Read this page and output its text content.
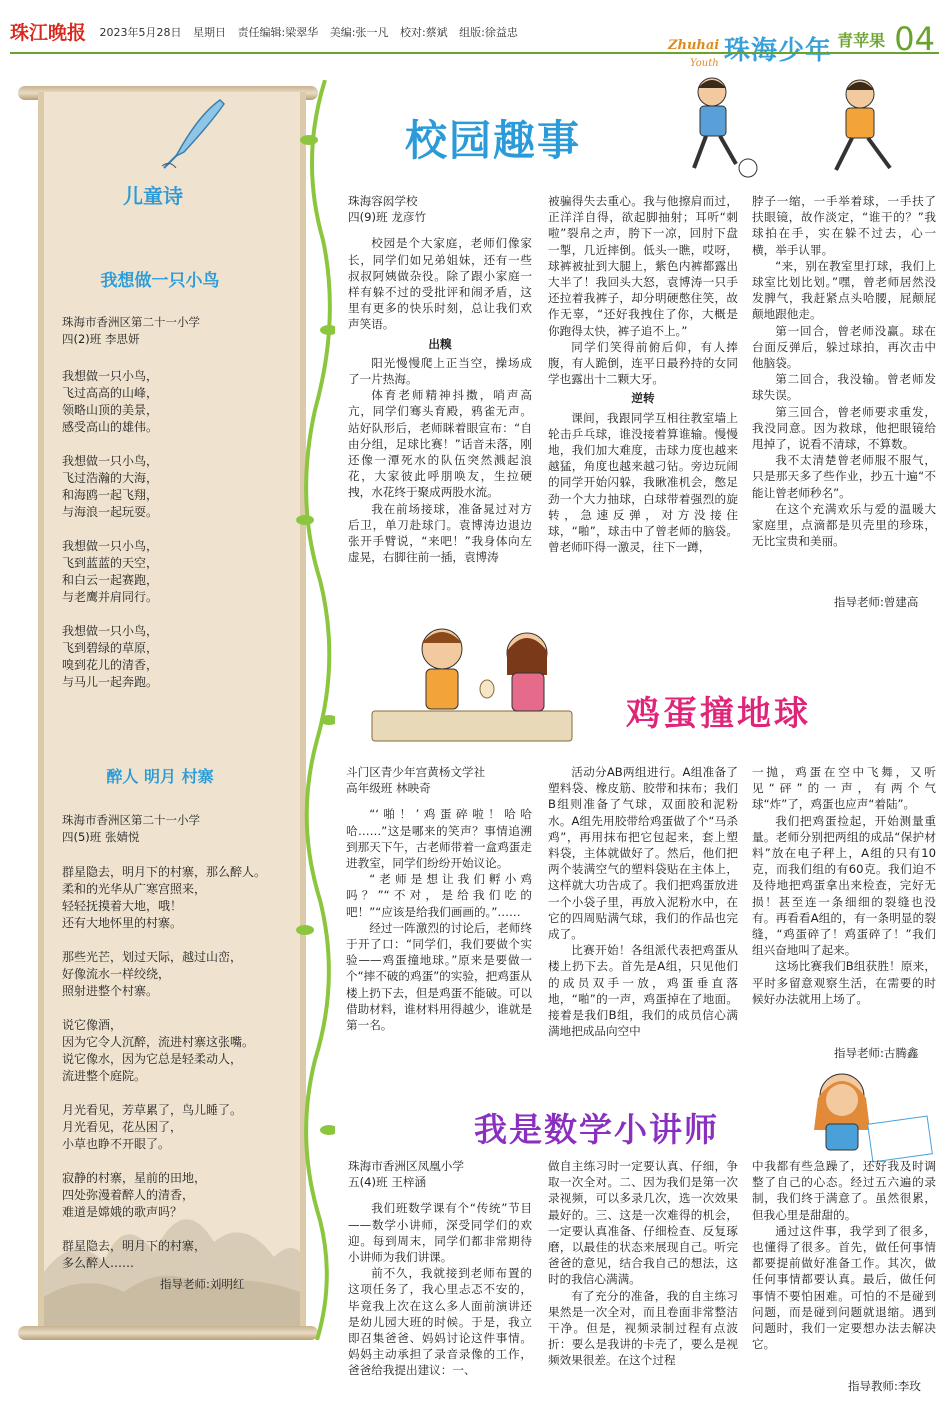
珠江晚报 2023年5月28日 星期日 责任编辑:梁翠华 美编:张一凡 校对:蔡斌 组版:徐益忠
Zhuhai 珠海少年
Youth
青苹果 04
儿童诗
我想做一只小鸟
珠海市香洲区第二十一小学
四(2)班 李思妍
我想做一只小鸟，
飞过高高的山峰，
领略山顶的美景，
感受高山的雄伟。

我想做一只小鸟，
飞过浩瀚的大海，
和海鸥一起飞翔，
与海浪一起玩耍。

我想做一只小鸟，
飞到蓝蓝的天空，
和白云一起赛跑，
与老鹰并肩同行。

我想做一只小鸟，
飞到碧绿的草原，
嗅到花儿的清香，
与马儿一起奔跑。
醉人 明月 村寨
珠海市香洲区第二十一小学
四(5)班 张婧悦
群星隐去，明月下的村寨，那么醉人。
柔和的光华从广寒宫照来，
轻轻抚摸着大地，哦！
还有大地怀里的村寨。

那些光芒，划过天际，越过山峦，
好像流水一样绞绕，
照射进整个村寨。

说它像酒，
因为它令人沉醉，流进村寨这张嘴。
说它像水，因为它总是轻柔动人，
流进整个庭院。

月光看见，芳草累了，鸟儿睡了。
月光看见，花丛困了，
小草也睁不开眼了。

寂静的村寨，星前的田地，
四处弥漫着醉人的清香，
难道是嫦娥的歌声吗？

群星隐去，明月下的村寨，
多么醉人……
指导老师:刘明红
校园趣事
珠海容闳学校
四(9)班 龙彦竹

校园是个大家庭，老师们像家长，同学们如兄弟姐妹，还有一些叔叔阿姨做杂役。除了跟小家庭一样有躲不过的受批评和闹矛盾，这里有更多的快乐时刻，总让我们欢声笑语。

出糗

阳光慢慢爬上正当空，操场成了一片热海。

体育老师精神抖擞，哨声高亢，同学们骞头育殿，鸦雀无声。站好队形后，老师眯着眼宣布：“自由分组，足球比赛！”话音未落，刚还像一潭死水的队伍突然溅起浪花，大家彼此呼朋唤友，生拉硬拽，水花终于聚成两股水流。

我在前场接球，准备晁过对方后卫，单刀赴球门。袁博涛边退边张开手臂说，“来吧！”我身体向左虚晃，右脚往前一插，袁博涛

被骗得失去重心。我与他擦肩而过，正洋洋自得，欲起脚抽射；耳听“刺啦”裂帛之声，胯下一凉，回肘下盘一掣，几近摔倒。低头一瞧，哎呀，球裤被扯到大腿上，紫色内裤都露出大半了！我回头大怒，袁博涛一只手还拉着我裤子，却分明硬憋住笑，故作无辜，“还好我拽住了你，大概是你跑得太快，裤子追不上。”

同学们笑得前俯后仰，有人捧腹，有人跪倒，连平日最矜持的女同学也露出十二颗大牙。

逆转

课间，我跟同学互相往教室墙上轮击乒乓球，谁没接着算谁输。慢慢地，我们加大难度，击球力度也越来越猛，角度也越来越刁钻。旁边玩闹的同学开始闪躲，我瞅准机会，憋足劲一个大力抽球，白球带着强烈的旋转，急速反弹，对方没接住球，“啪”，球击中了曾老师的脑袋。曾老师吓得一激灵，往下一蹲，

脖子一缩，一手举着球，一手扶了扶眼镜，故作淡定，“谁干的？”我球拍在手，实在躲不过去，心一横，举手认罪。

“来，别在教室里打球，我们上球室比划比划。”嘿，曾老师居然没发脾气，我赶紧点头哈腰，屁颠屁颠地跟他走。

第一回合，曾老师没赢。球在台面反弹后，躲过球拍，再次击中他脑袋。

第二回合，我没输。曾老师发球失误。

第三回合，曾老师要求重发，我没同意。因为救球，他把眼镜给甩掉了，说看不清球，不算数。

我不太清楚曾老师服不服气，只是那天多了些作业，抄五十遍“不能让曾老师秒名”。

在这个充满欢乐与爱的温暖大家庭里，点滴都是贝壳里的珍珠，无比宝贵和美丽。

指导老师:曾建高
鸡蛋撞地球
斗门区青少年宫黄杨文学社
高年级班 林映奇

“‘啪！’鸡蛋碎啦！哈哈哈……”这是哪来的笑声？事情追溯到那天下午，古老师带着一盒鸡蛋走进教室，同学们纷纷开始议论。

“老师是想让我们孵小鸡吗？”“不对，是给我们吃的吧！”“应该是给我们画画的。”……

经过一阵激烈的讨论后，老师终于开了口：“同学们，我们要做个实验——鸡蛋撞地球。”原来是要做一个“摔不破的鸡蛋”的实验，把鸡蛋从楼上扔下去，但是鸡蛋不能破。可以借助材料，谁材料用得越少，谁就是第一名。

活动分AB两组进行。A组准备了塑料袋、橡皮筋、胶带和抹布；我们B组则准备了气球，双面胶和泥粉水。A组先用胶带给鸡蛋做了个“马杀鸡”，再用抹布把它包起来，套上塑料袋，主体就做好了。然后，他们把两个装满空气的塑料袋贴在主体上，这样就大功告成了。我们把鸡蛋放进一个小袋子里，再放入泥粉水中，在它的四周贴满气球，我们的作品也完成了。

比赛开始！各组派代表把鸡蛋从楼上扔下去。首先是A组，只见他们的成员双手一放，鸡蛋垂直落地，“啪”的一声，鸡蛋掉在了地面。接着是我们B组，我们的成员信心满满地把成品向空中

一抛，鸡蛋在空中飞舞，又听见“砰”的一声，有两个气球“炸”了，鸡蛋也应声“着陆”。

我们把鸡蛋捡起，开始测量重量。老师分别把两组的成品“保护材料”放在电子秤上，A组的只有10克，而我们组的有60克。我们迫不及待地把鸡蛋拿出来检查，完好无损！甚至连一条细细的裂缝也没有。再看看A组的，有一条明显的裂缝，“鸡蛋碎了！鸡蛋碎了！”我们组兴奋地叫了起来。

这场比赛我们B组获胜！原来，平时多留意观察生活，在需要的时候好办法就用上场了。

指导老师:古腾鑫
我是数学小讲师
珠海市香洲区凤凰小学
五(4)班 王梓涵

我们班数学课有个“传统”节目——数学小讲师，深受同学们的欢迎。每到周末，同学们都非常期待小讲师为我们讲课。

前不久，我就接到老师布置的这项任务了，我心里忐忑不安的，毕竟我上次在这么多人面前演讲还是幼儿园大班的时候。于是，我立即召集爸爸、妈妈讨论这件事情。妈妈主动承担了录音录像的工作，爸爸给我提出建议：一、

做自主练习时一定要认真、仔细，争取一次全对。二、因为我们是第一次录视频，可以多录几次，选一次效果最好的。三、这是一次难得的机会，一定要认真准备、仔细检查、反复琢磨，以最佳的状态来展现自己。听完爸爸的意见，结合我自己的想法，这时的我信心满满。

有了充分的准备，我的自主练习果然是一次全对，而且卷面非常整洁干净。但是，视频录制过程有点波折：要么是我讲的卡壳了，要么是视频效果很差。在这个过程

中我都有些急躁了，还好我及时调整了自己的心态。经过五六遍的录制，我们终于满意了。虽然很累，但我心里是甜甜的。

通过这件事，我学到了很多，也懂得了很多。首先，做任何事情都要提前做好准备工作。其次，做任何事情都要认真。最后，做任何事情不要怕困难。可怕的不是碰到问题，而是碰到问题就退缩。遇到问题时，我们一定要想办法去解决它。

指导教师:李玫
